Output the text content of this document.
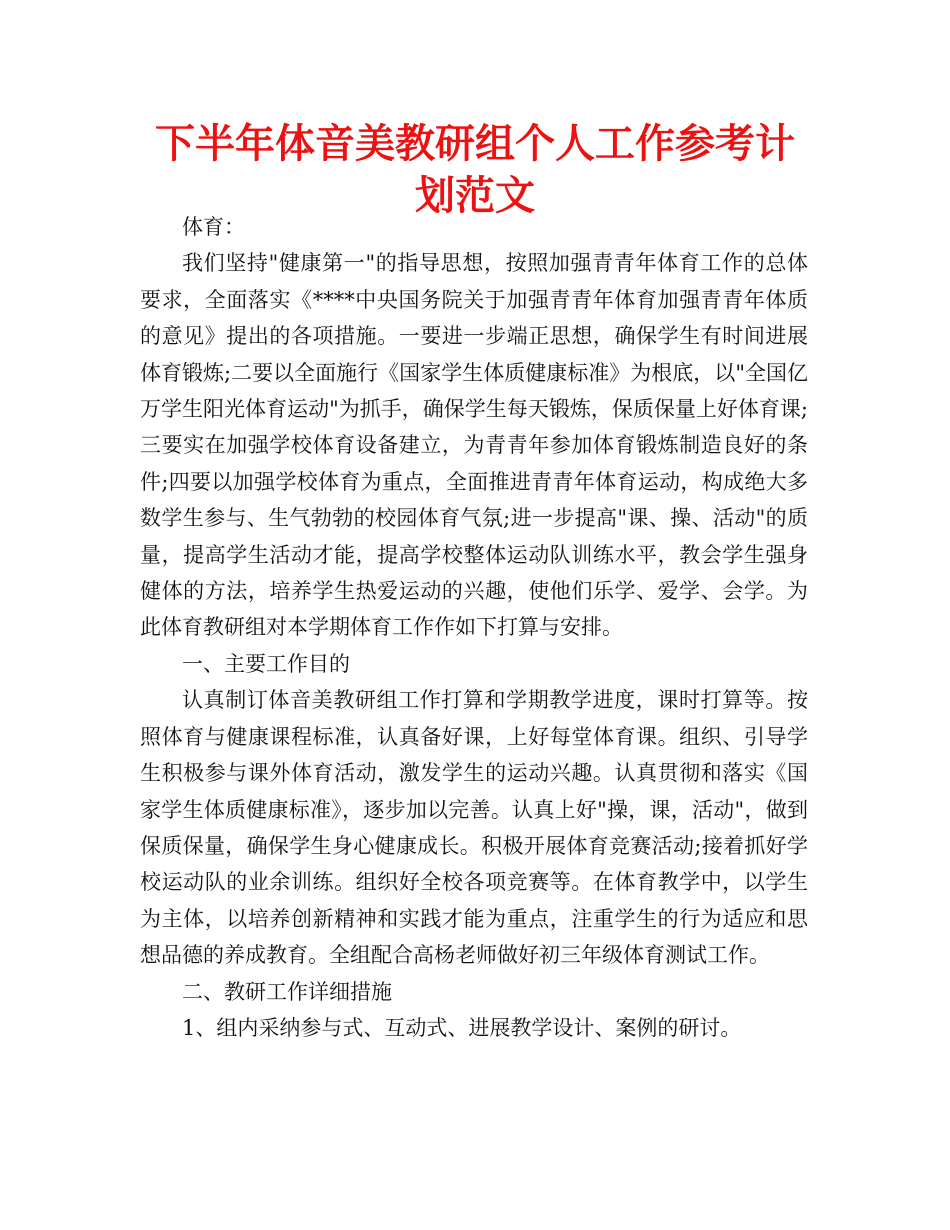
下半年体音美教研组个人工作参考计划范文

体育：

我们坚持"健康第一"的指导思想，按照加强青青年体育工作的总体要求，全面落实《****中央国务院关于加强青青年体育加强青青年体质的意见》提出的各项措施。一要进一步端正思想，确保学生有时间进展体育锻炼;二要以全面施行《国家学生体质健康标准》为根底，以"全国亿万学生阳光体育运动"为抓手，确保学生每天锻炼，保质保量上好体育课;三要实在加强学校体育设备建立，为青青年参加体育锻炼制造良好的条件;四要以加强学校体育为重点，全面推进青青年体育运动，构成绝大多数学生参与、生气勃勃的校园体育气氛;进一步提高"课、操、活动"的质量，提高学生活动才能，提高学校整体运动队训练水平，教会学生强身健体的方法，培养学生热爱运动的兴趣，使他们乐学、爱学、会学。为此体育教研组对本学期体育工作作如下打算与安排。

一、主要工作目的

认真制订体音美教研组工作打算和学期教学进度，课时打算等。按照体育与健康课程标准，认真备好课，上好每堂体育课。组织、引导学生积极参与课外体育活动，激发学生的运动兴趣。认真贯彻和落实《国家学生体质健康标准》，逐步加以完善。认真上好"操，课，活动"，做到保质保量，确保学生身心健康成长。积极开展体育竞赛活动;接着抓好学校运动队的业余训练。组织好全校各项竞赛等。在体育教学中，以学生为主体，以培养创新精神和实践才能为重点，注重学生的行为适应和思想品德的养成教育。全组配合高杨老师做好初三年级体育测试工作。

二、教研工作详细措施

1、组内采纳参与式、互动式、进展教学设计、案例的研讨。
